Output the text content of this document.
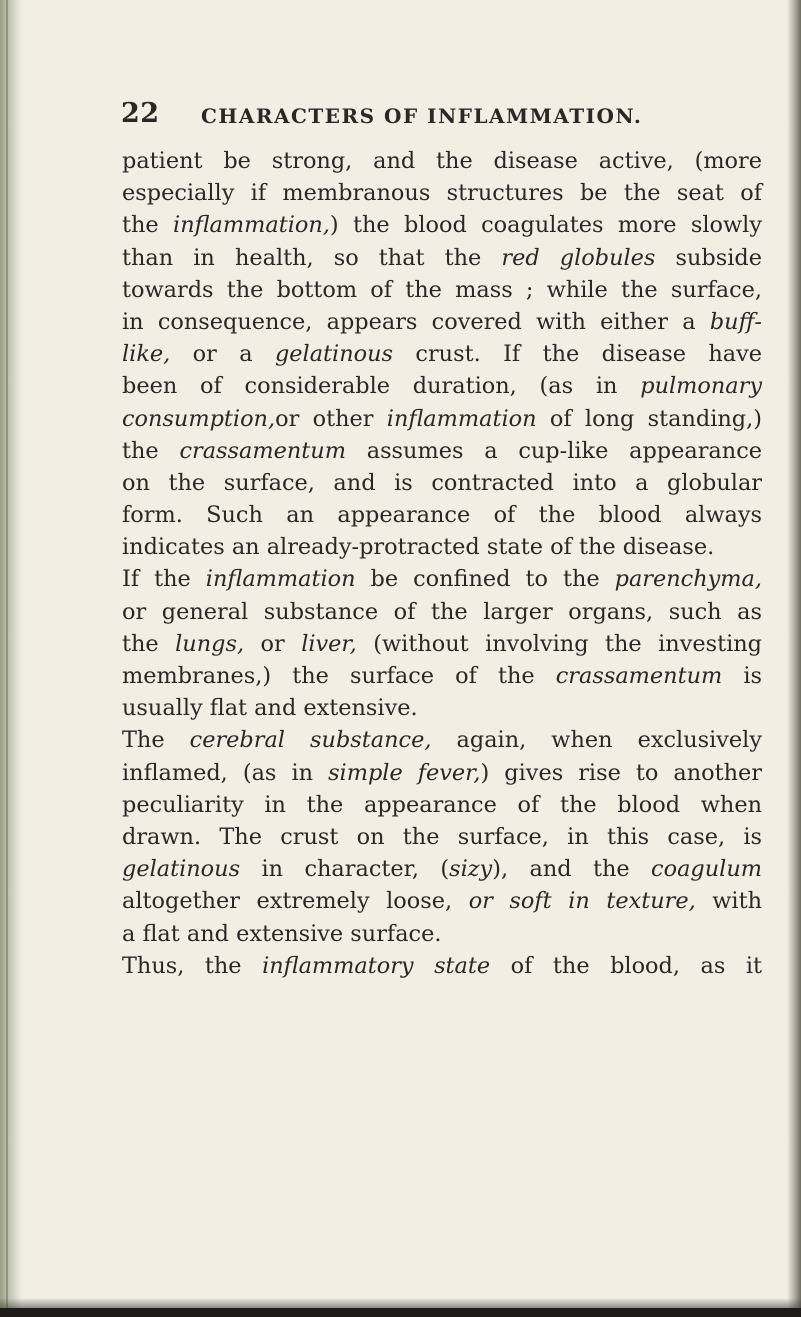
22 CHARACTERS OF INFLAMMATION.
patient be strong, and the disease active, (more
especially if membranous structures be the seat of
the inflammation,) the blood coagulates more slowly
than in health, so that the red globules subside
towards the bottom of the mass ; while the surface,
in consequence, appears covered with either a buff-
like, or a gelatinous crust. If the disease have
been of considerable duration, (as in pulmonary
consumption,or other inflammation of long standing,)
the crassamentum assumes a cup-like appearance
on the surface, and is contracted into a globular
form. Such an appearance of the blood always
indicates an already-protracted state of the disease.
If the inflammation be confined to the parenchyma,
or general substance of the larger organs, such as
the lungs, or liver, (without involving the investing
membranes,) the surface of the crassamentum is
usually flat and extensive.
The cerebral substance, again, when exclusively
inflamed, (as in simple fever,) gives rise to another
peculiarity in the appearance of the blood when
drawn. The crust on the surface, in this case, is
gelatinous in character, (sizy), and the coagulum
altogether extremely loose, or soft in texture, with
a flat and extensive surface.
Thus, the inflammatory state of the blood, as it
